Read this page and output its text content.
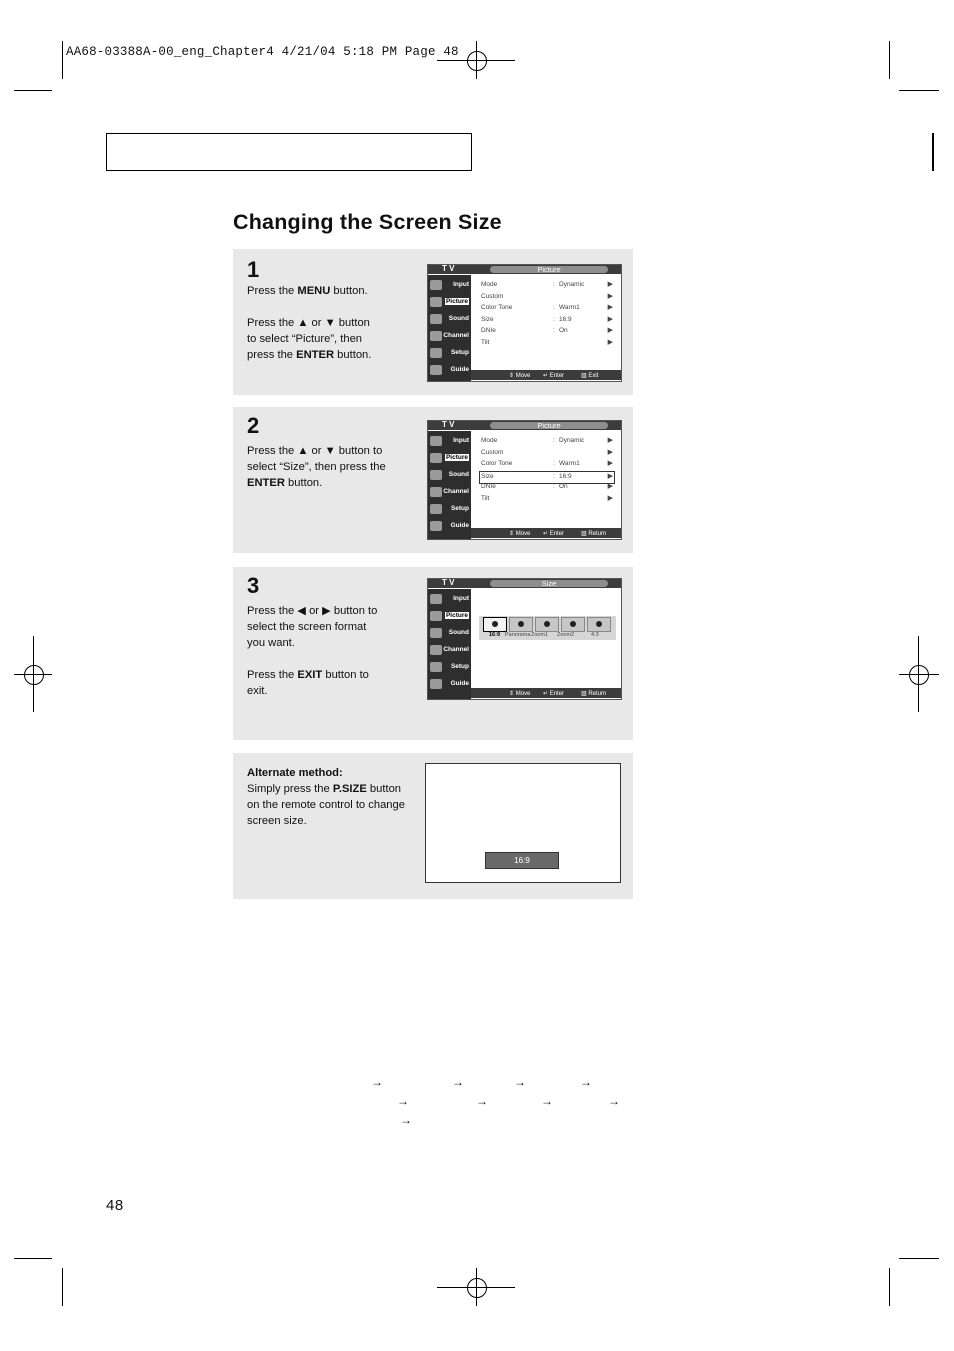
AA68-03388A-00_eng_Chapter4 4/21/04 5:18 PM Page 48
Changing the Screen Size
1
Press the MENU button.
Press the ▲ or ▼ button
to select “Picture”, then
press the ENTER button.
T V	Picture
Input
Picture
Sound
Channel
Setup
Guide
Mode	: Dynamic	▶
Custom	▶
Color Tone	: Warm1	▶
Size	: 16:9	▶
DNIe	: On	▶
Tilt	▶
⇕ Move ↵ Enter	▥ Exit
2
Press the ▲ or ▼ button to
select “Size”, then press the
ENTER button.
T V	Picture
Input
Picture
Sound
Channel
Setup
Guide
Mode	: Dynamic	▶
Custom	▶
Color Tone	: Warm1	▶
Size	: 16:9	▶
DNIe	: On	▶
Tilt	▶
⇕ Move ↵ Enter	▥ Return
3
Press the ◀ or ▶ button to
select the screen format
you want.
Press the EXIT button to
exit.
T V	Size
Input
Picture
Sound
Channel
Setup
Guide
16:9 Panorama Zoom1 Zoom2	4:3
⇕ Move ↵ Enter	▥ Return
Alternate method:
Simply press the P.SIZE button
on the remote control to change
screen size.
16:9
→	→	→	→
→	→	→	→
→
48
